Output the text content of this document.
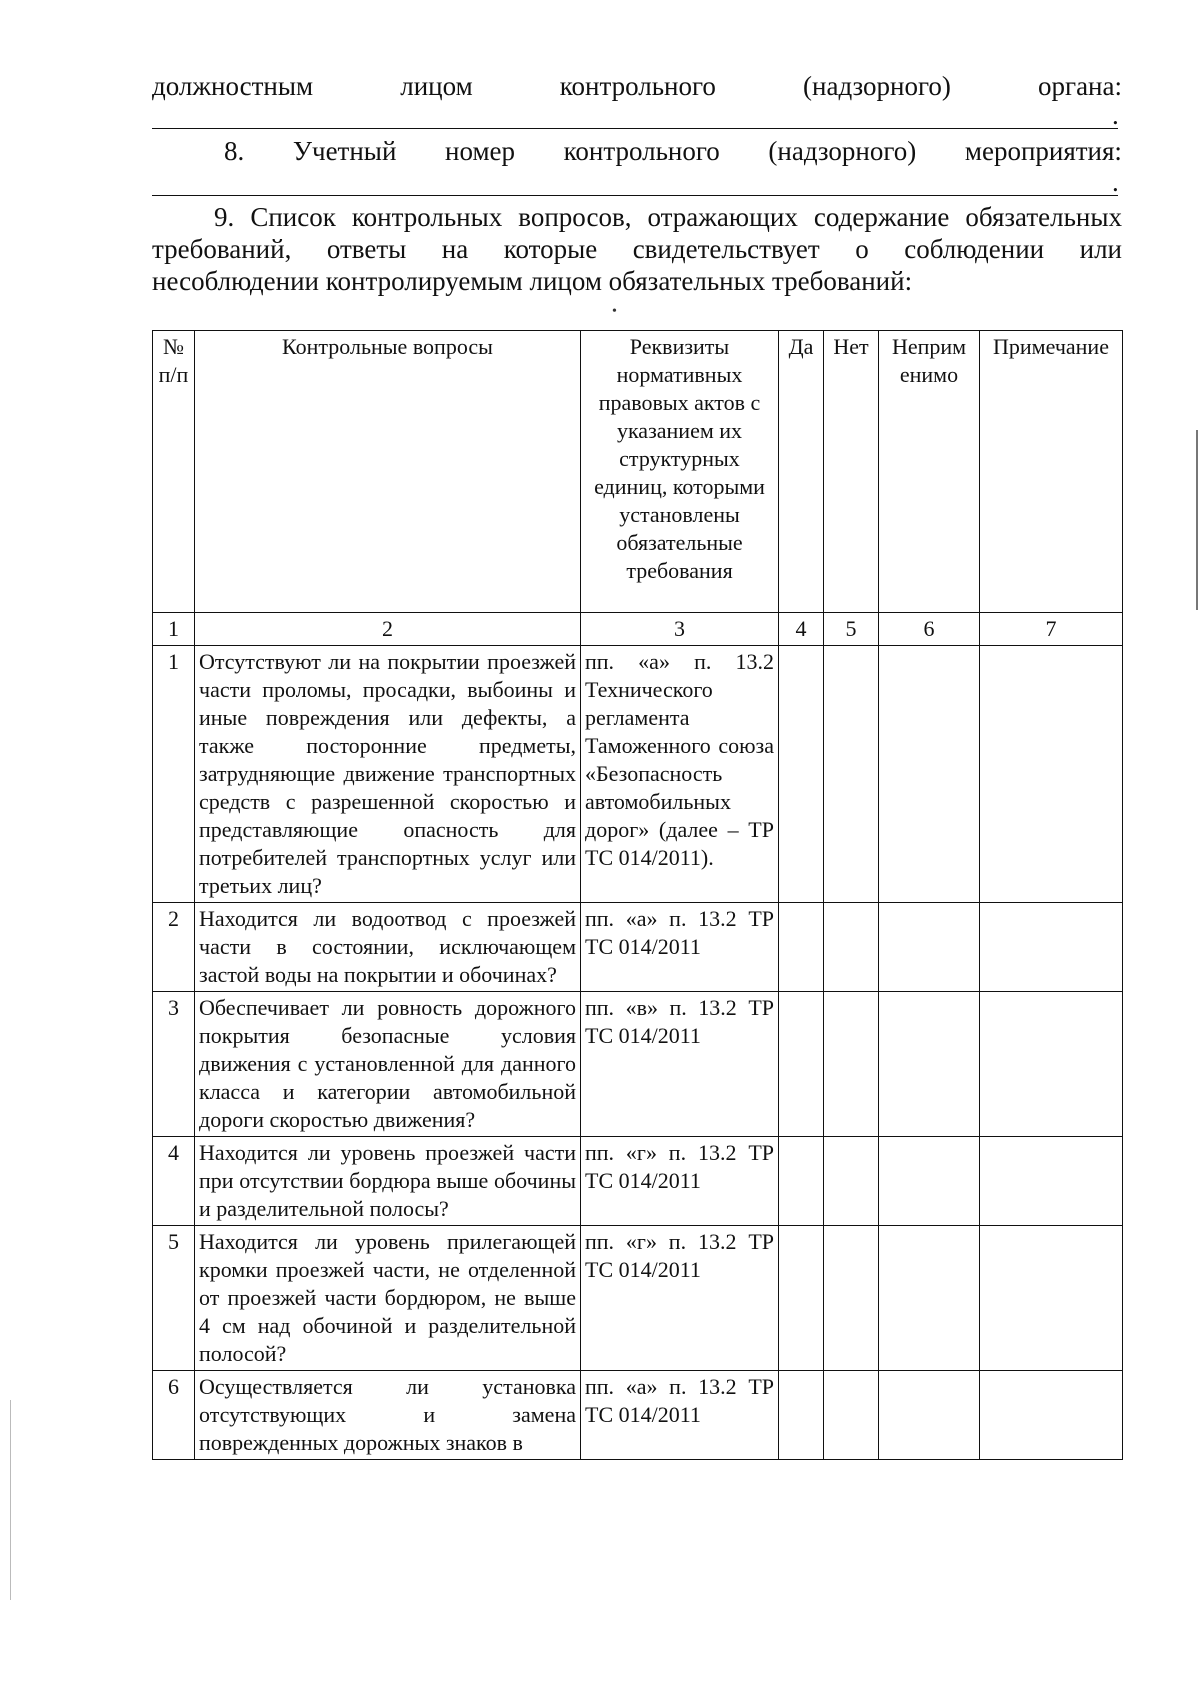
должностным	лицом	контрольного	(надзорного)	органа:
.
8. Учетный номер контрольного (надзорного) мероприятия:
.
9. Список контрольных вопросов, отражающих содержание обязательных
требований, ответы на которые свидетельствует о соблюдении или
несоблюдении контролируемым лицом обязательных требований:
•
№ п/п	Контрольные вопросы	Реквизиты нормативных правовых актов с указанием их структурных единиц, которыми установлены обязательные требования	Да	Нет	Неприм енимо	Примечание
1	2	3	4	5	6	7
1	Отсутствуют ли на покрытии проезжей части проломы, просадки, выбоины и иные повреждения или дефекты, а также посторонние предметы, затрудняющие движение транспортных средств с разрешенной скоростью и представляющие опасность для потребителей транспортных услуг или третьих лиц?	пп. «а» п. 13.2 Технического регламента Таможенного союза «Безопасность автомобильных дорог» (далее – ТР ТС 014/2011).				
2	Находится ли водоотвод с проезжей части в состоянии, исключающем застой воды на покрытии и обочинах?	пп. «а» п. 13.2 ТР ТС 014/2011				
3	Обеспечивает ли ровность дорожного покрытия безопасные условия движения с установленной для данного класса и категории автомобильной дороги скоростью движения?	пп. «в» п. 13.2 ТР ТС 014/2011				
4	Находится ли уровень проезжей части при отсутствии бордюра выше обочины и разделительной полосы?	пп. «г» п. 13.2 ТР ТС 014/2011				
5	Находится ли уровень прилегающей кромки проезжей части, не отделенной от проезжей части бордюром, не выше 4 см над обочиной и разделительной полосой?	пп. «г» п. 13.2 ТР ТС 014/2011				
6	Осуществляется ли установка отсутствующих и замена поврежденных дорожных знаков в	пп. «а» п. 13.2 ТР ТС 014/2011				
